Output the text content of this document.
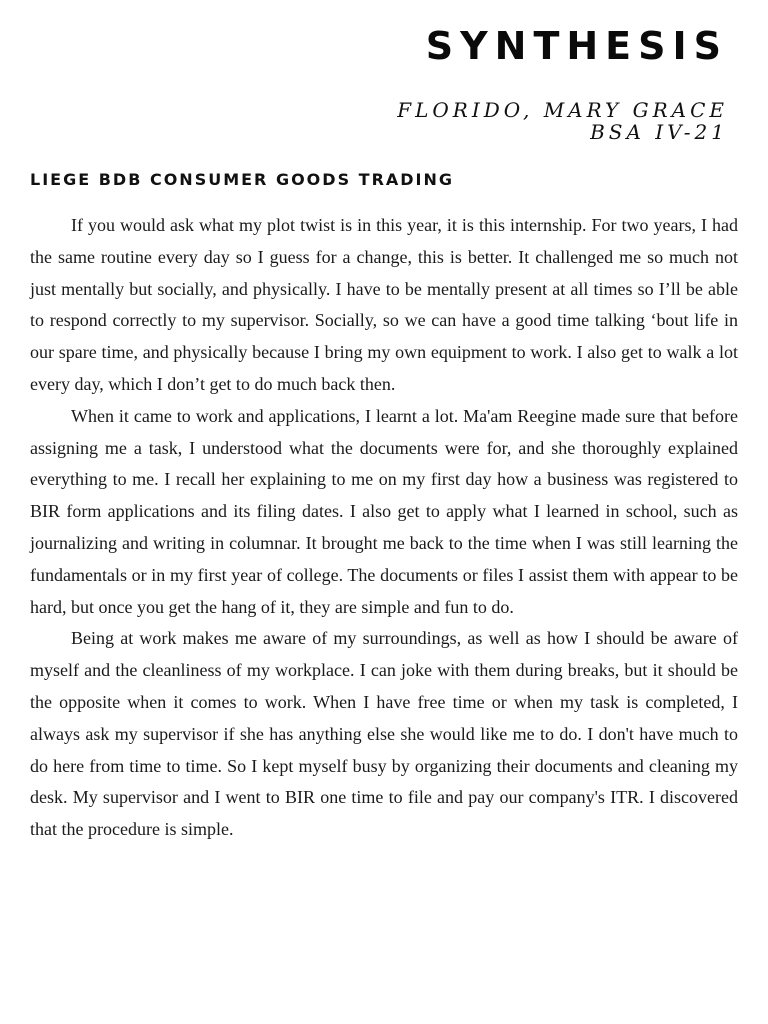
SYNTHESIS
FLORIDO, MARY GRACE
BSA IV-21
LIEGE BDB CONSUMER GOODS TRADING

If you would ask what my plot twist is in this year, it is this internship. For two years, I had the same routine every day so I guess for a change, this is better. It challenged me so much not just mentally but socially, and physically. I have to be mentally present at all times so I’ll be able to respond correctly to my supervisor. Socially, so we can have a good time talking ‘bout life in our spare time, and physically because I bring my own equipment to work. I also get to walk a lot every day, which I don’t get to do much back then.

When it came to work and applications, I learnt a lot. Ma'am Reegine made sure that before assigning me a task, I understood what the documents were for, and she thoroughly explained everything to me. I recall her explaining to me on my first day how a business was registered to BIR form applications and its filing dates. I also get to apply what I learned in school, such as journalizing and writing in columnar. It brought me back to the time when I was still learning the fundamentals or in my first year of college. The documents or files I assist them with appear to be hard, but once you get the hang of it, they are simple and fun to do.

Being at work makes me aware of my surroundings, as well as how I should be aware of myself and the cleanliness of my workplace. I can joke with them during breaks, but it should be the opposite when it comes to work. When I have free time or when my task is completed, I always ask my supervisor if she has anything else she would like me to do. I don't have much to do here from time to time. So I kept myself busy by organizing their documents and cleaning my desk. My supervisor and I went to BIR one time to file and pay our company's ITR. I discovered that the procedure is simple.
